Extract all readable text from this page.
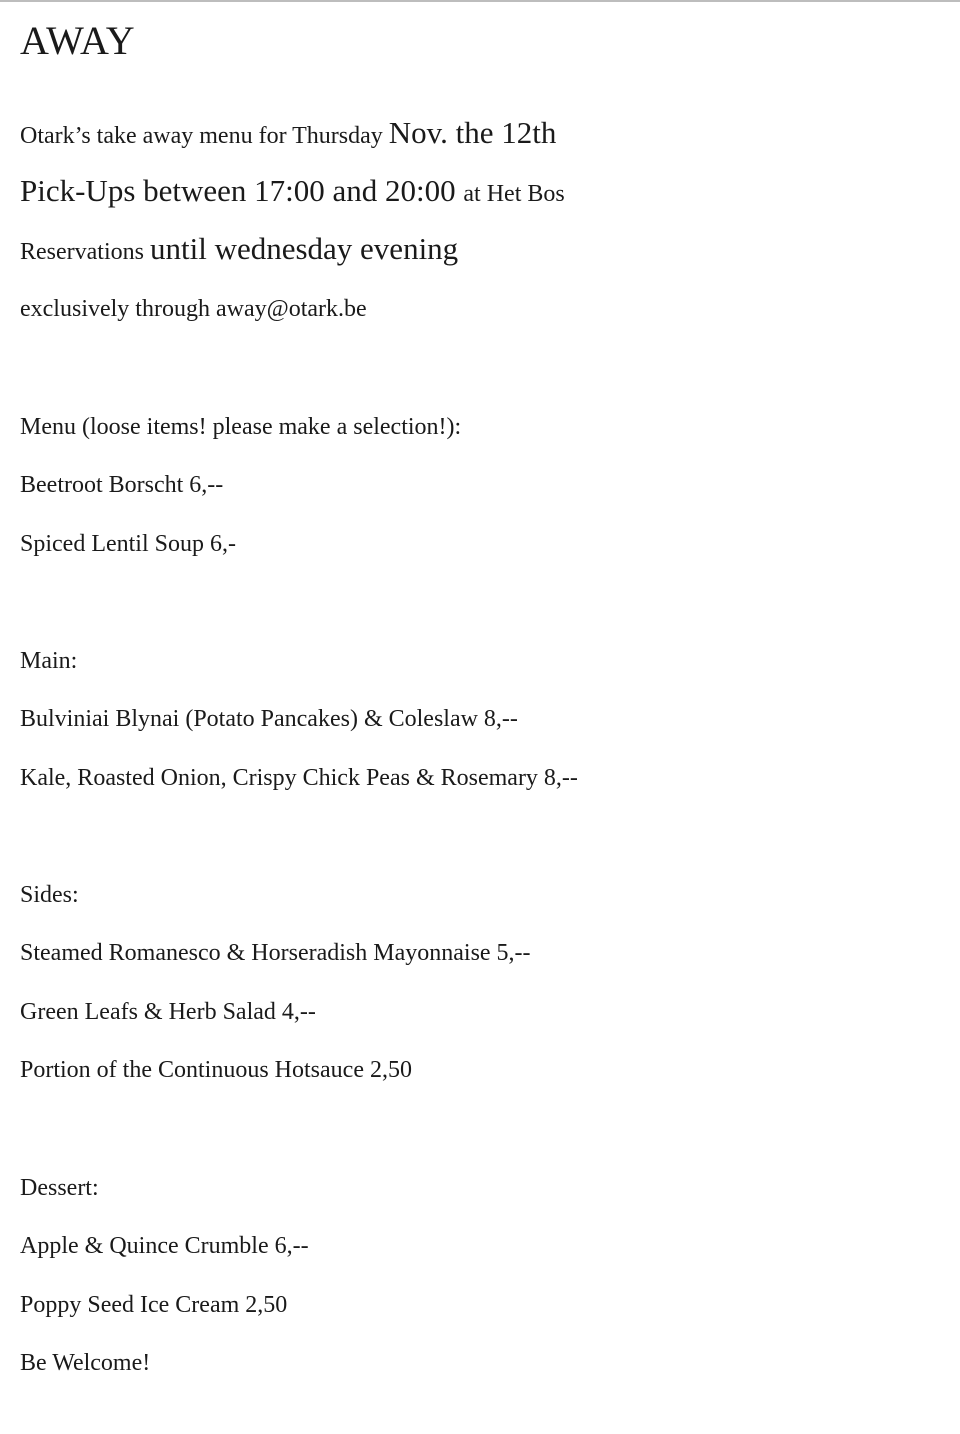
AWAY
Otark’s take away menu for Thursday Nov. the 12th
Pick-Ups between 17:00 and 20:00 at Het Bos
Reservations until wednesday evening
exclusively through away@otark.be
Menu (loose items! please make a selection!):
Beetroot Borscht 6,--
Spiced Lentil Soup 6,-
Main:
Bulviniai Blynai (Potato Pancakes) & Coleslaw 8,--
Kale, Roasted Onion, Crispy Chick Peas & Rosemary 8,--
Sides:
Steamed Romanesco & Horseradish Mayonnaise 5,--
Green Leafs & Herb Salad 4,--
Portion of the Continuous Hotsauce 2,50
Dessert:
Apple & Quince Crumble 6,--
Poppy Seed Ice Cream 2,50
Be Welcome!
